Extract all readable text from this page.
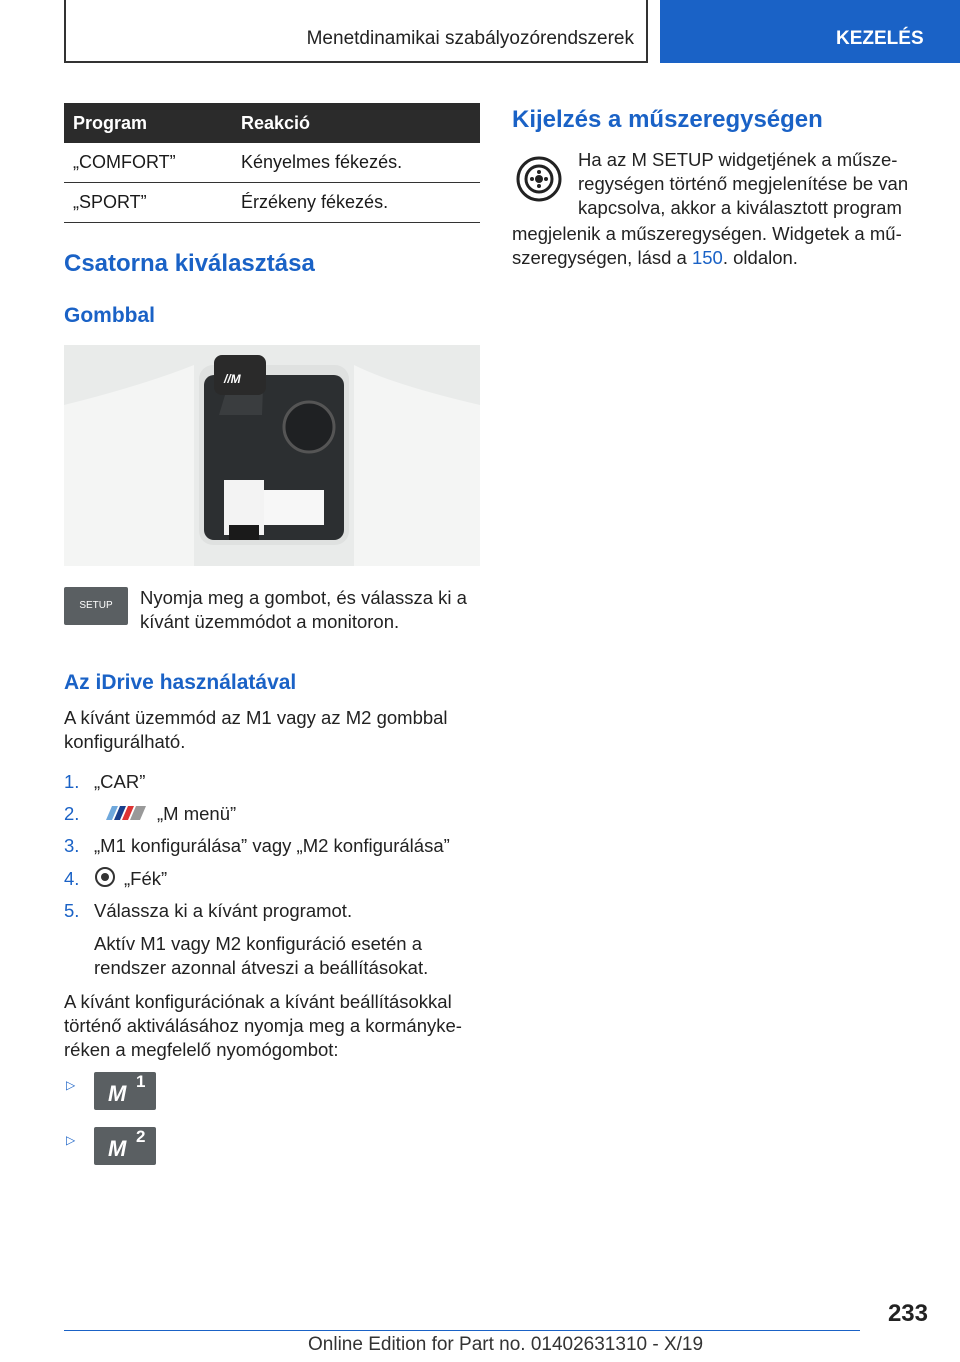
Menetdinamikai szabályozórendszerek	KEZELÉS
Program	Reakció
„COMFORT”	Kényelmes fékezés.
„SPORT”	Érzékeny fékezés.
Csatorna kiválasztása
Gombbal
//M
SETUP	Nyomja meg a gombot, és válassza ki a kívánt üzemmódot a monitoron.
Az iDrive használatával
A kívánt üzemmód az M1 vagy az M2 gombbal konfigurálható.
1. „CAR”
2.	„M menü”
3. „M1 konfigurálása” vagy „M2 konfigurálása”
4. „Fék”
5. Válassza ki a kívánt programot.
Aktív M1 vagy M2 konfiguráció esetén a rendszer azonnal átveszi a beállításokat.
A kívánt konfigurációnak a kívánt beállításokkal történő aktiválásához nyomja meg a kormánykeréken a megfelelő nyomógombot:
▷ M 1
▷ M 2
Kijelzés a műszeregységen
Ha az M SETUP widgetjének a műszeregységen történő megjelenítése be van kapcsolva, akkor a kiválasztott program
megjelenik a műszeregységen. Widgetek a műszeregységen, lásd a 150. oldalon.
233
Online Edition for Part no. 01402631310 - X/19
